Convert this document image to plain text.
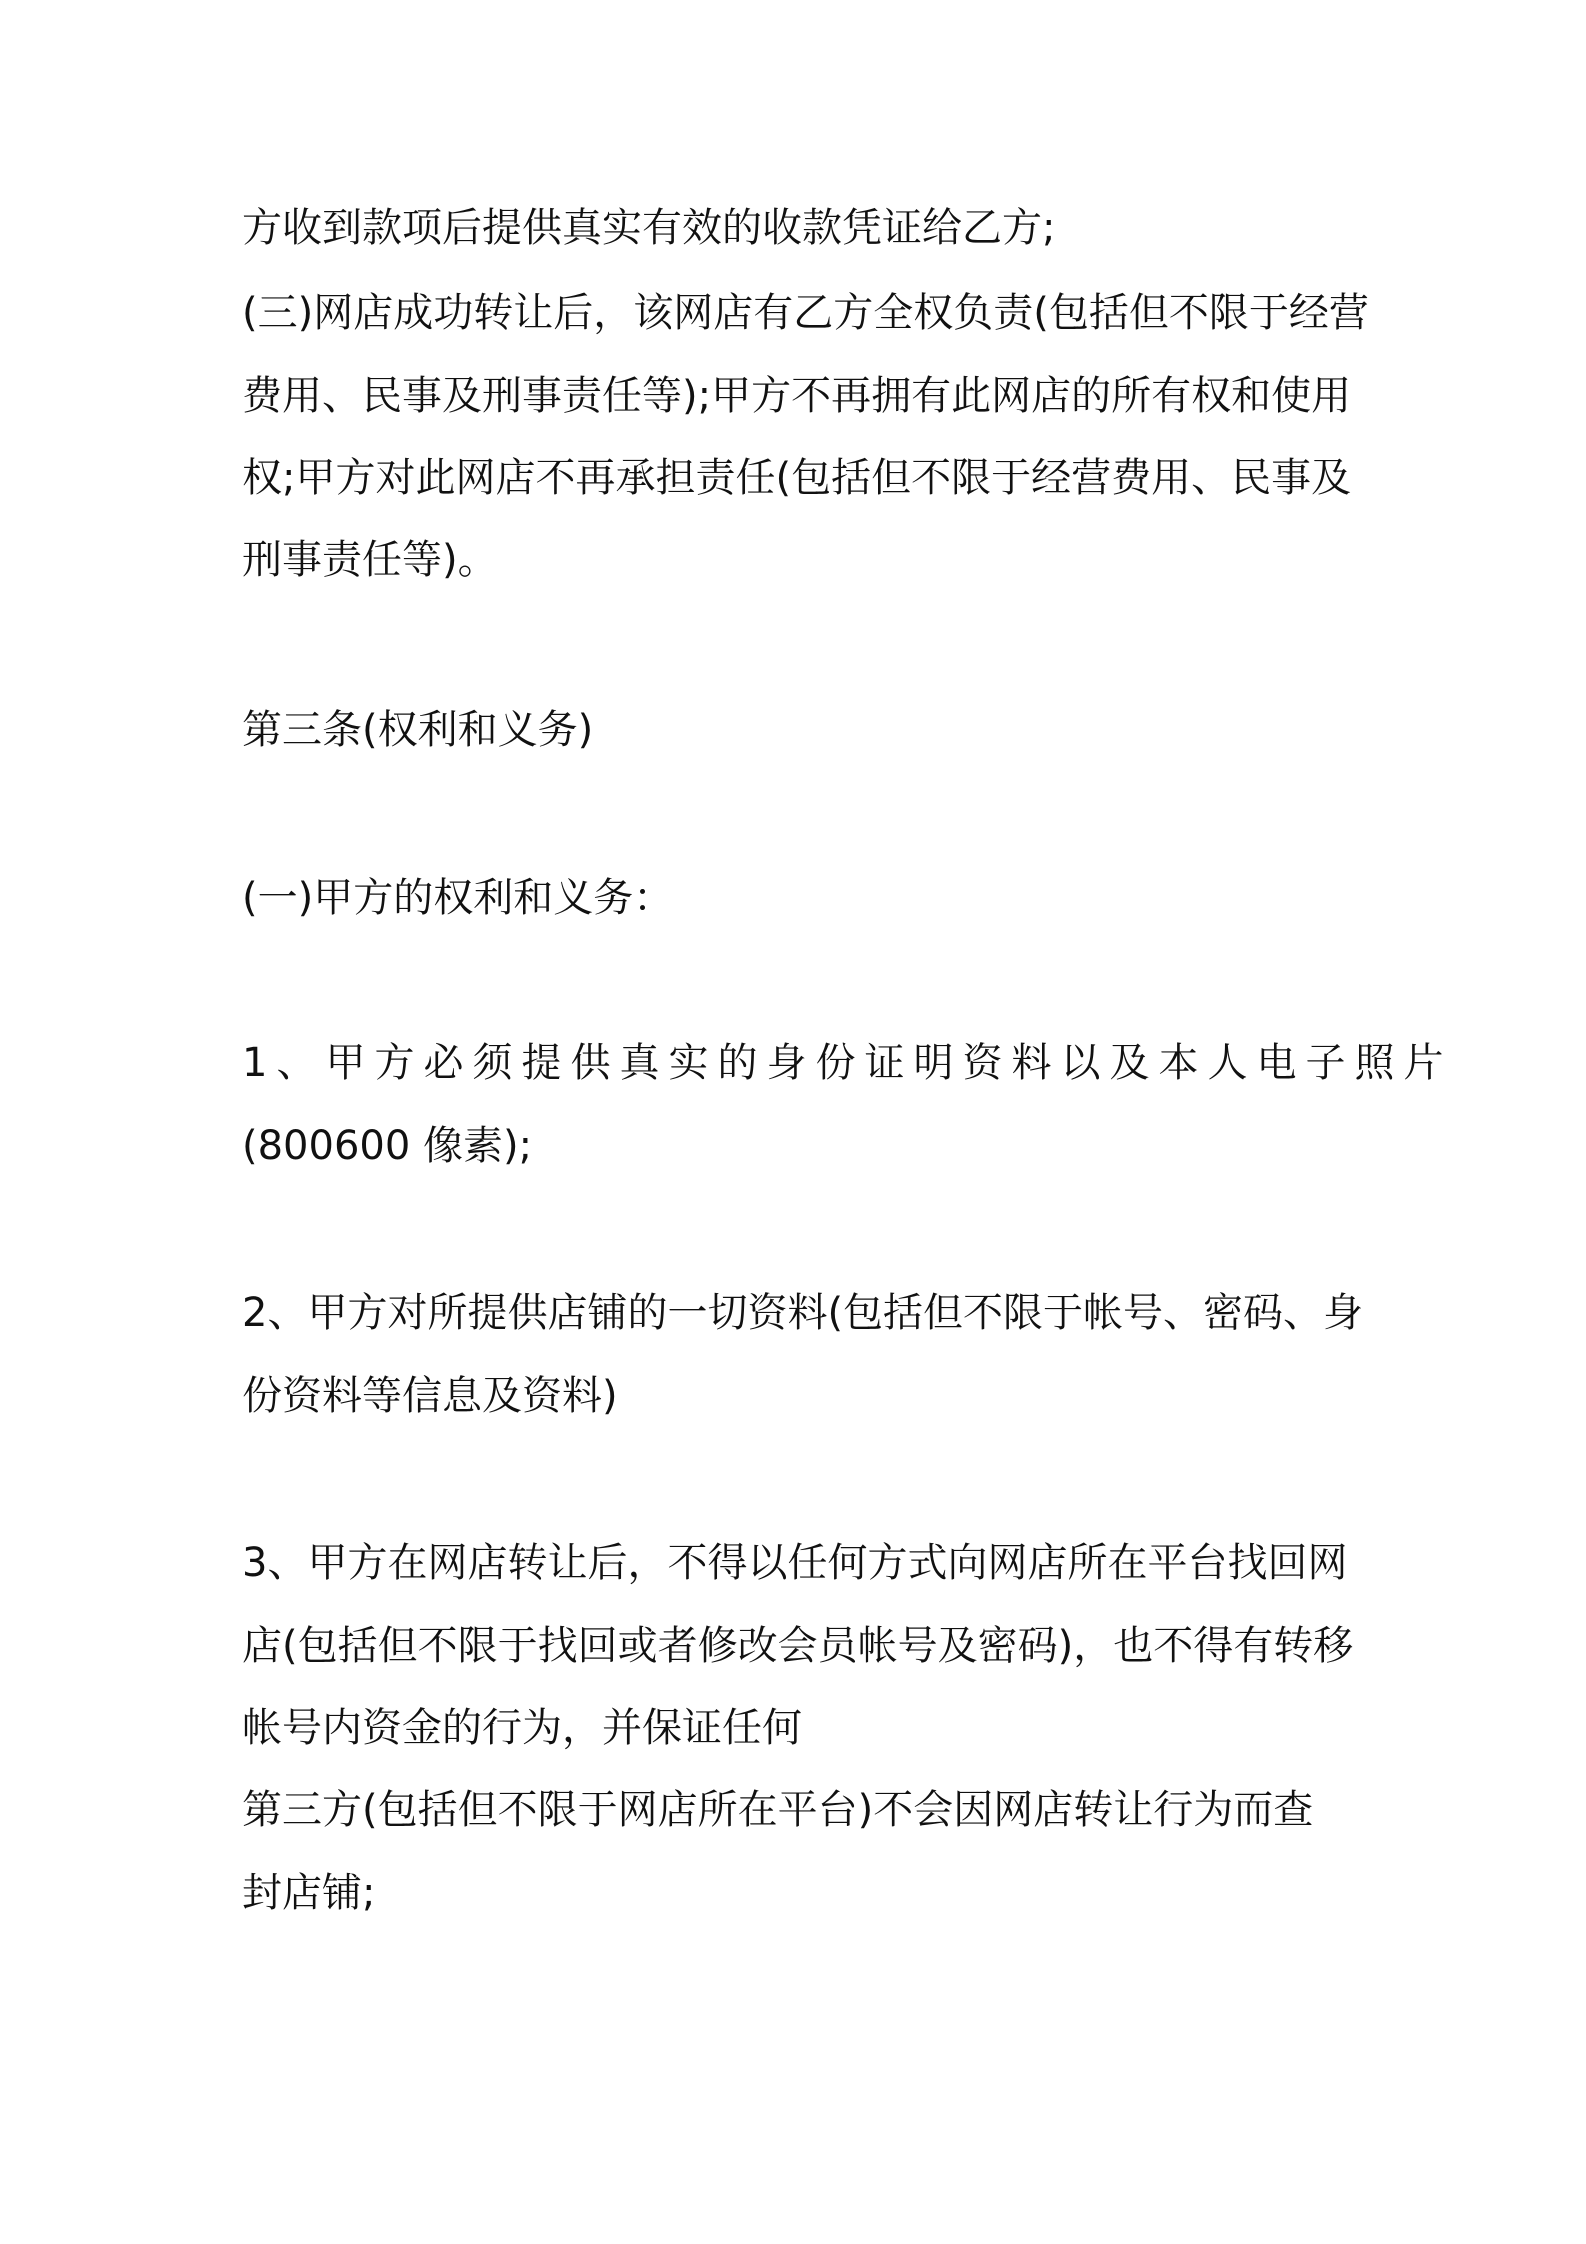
方收到款项后提供真实有效的收款凭证给乙方;
(三)网店成功转让后，该网店有乙方全权负责(包括但不限于经营
费用、民事及刑事责任等);甲方不再拥有此网店的所有权和使用
权;甲方对此网店不再承担责任(包括但不限于经营费用、民事及
刑事责任等)。
第三条(权利和义务)
(一)甲方的权利和义务：
1、甲方必须提供真实的身份证明资料以及本人电子照片
(800600 像素);
2、甲方对所提供店铺的一切资料(包括但不限于帐号、密码、身
份资料等信息及资料)
3、甲方在网店转让后，不得以任何方式向网店所在平台找回网
店(包括但不限于找回或者修改会员帐号及密码)，也不得有转移
帐号内资金的行为，并保证任何
第三方(包括但不限于网店所在平台)不会因网店转让行为而查
封店铺;
